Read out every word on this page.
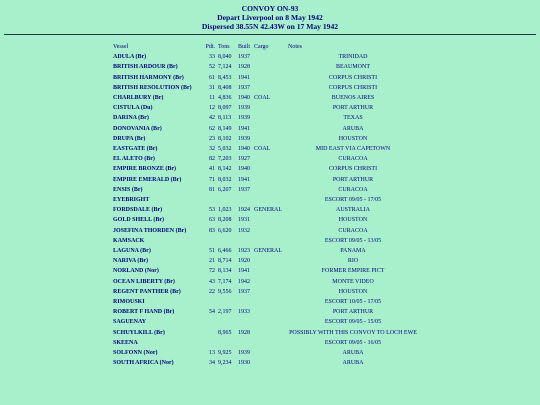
CONVOY ON-93
Depart Liverpool on 8 May 1942
Dispersed 38.55N 42.43W on 17 May 1942
Vessel	Pdt.	Tons	Built	Cargo	Notes
ADULA (Br)	33	8,040	1937		TRINIDAD
BRITISH ARDOUR (Br)	52	7,124	1928		BEAUMONT
BRITISH HARMONY (Br)	61	8,453	1941		CORPUS CHRISTI
BRITISH RESOLUTION (Br)	31	8,408	1937		CORPUS CHRISTI
CHARLBURY (Br)	11	4,836	1940	COAL	BUENOS AIRES
CISTULA (Du)	12	8,097	1939		PORT ARTHUR
DARINA (Br)	42	8,113	1939		TEXAS
DONOVANIA (Br)	62	8,149	1941		ARUBA
DRUPA (Br)	23	8,102	1939		HOUSTON
EASTGATE (Br)	32	5,032	1940	COAL	MID EAST VIA CAPETOWN
EL ALETO (Br)	82	7,203	1927		CURACOA
EMPIRE BRONZE (Br)	41	8,142	1940		CORPUS CHRISTI
EMPIRE EMERALD (Br)	71	8,032	1941		PORT ARTHUR
ENSIS (Br)	81	6,207	1937		CURACOA
EYEBRIGHT					ESCORT 09/05 - 17/05
FORDSDALE (Br)	53	1,023	1924	GENERAL	AUSTRALIA
GOLD SHELL (Br)	63	8,208	1931		HOUSTON
JOSEFINA THORDEN (Br)	83	6,620	1932		CURACOA
KAMSACK					ESCORT 09/05 - 13/05
LAGUNA (Br)	51	6,466	1923	GENERAL	PANAMA
NARIVA (Br)	21	8,714	1920		RIO
NORLAND (Nor)	72	8,134	1941		FORMER EMPIRE PICT
OCEAN LIBERTY (Br)	43	7,174	1942		MONTE VIDEO
REGENT PANTHER (Br)	22	9,556	1937		HOUSTON
RIMOUSKI					ESCORT 10/05 - 17/05
ROBERT F HAND (Br)	54	2,197	1933		PORT ARTHUR
SAGUENAY					ESCORT 09/05 - 15/05
SCHUYLKILL (Br)		8,965	1928		POSSIBLY WITH THIS CONVOY TO LOCH EWE
SKEENA					ESCORT 09/05 - 16/05
SOLFONN (Nor)	13	9,925	1939		ARUBA
SOUTH AFRICA (Nor)	34	9,234	1930		ARUBA
